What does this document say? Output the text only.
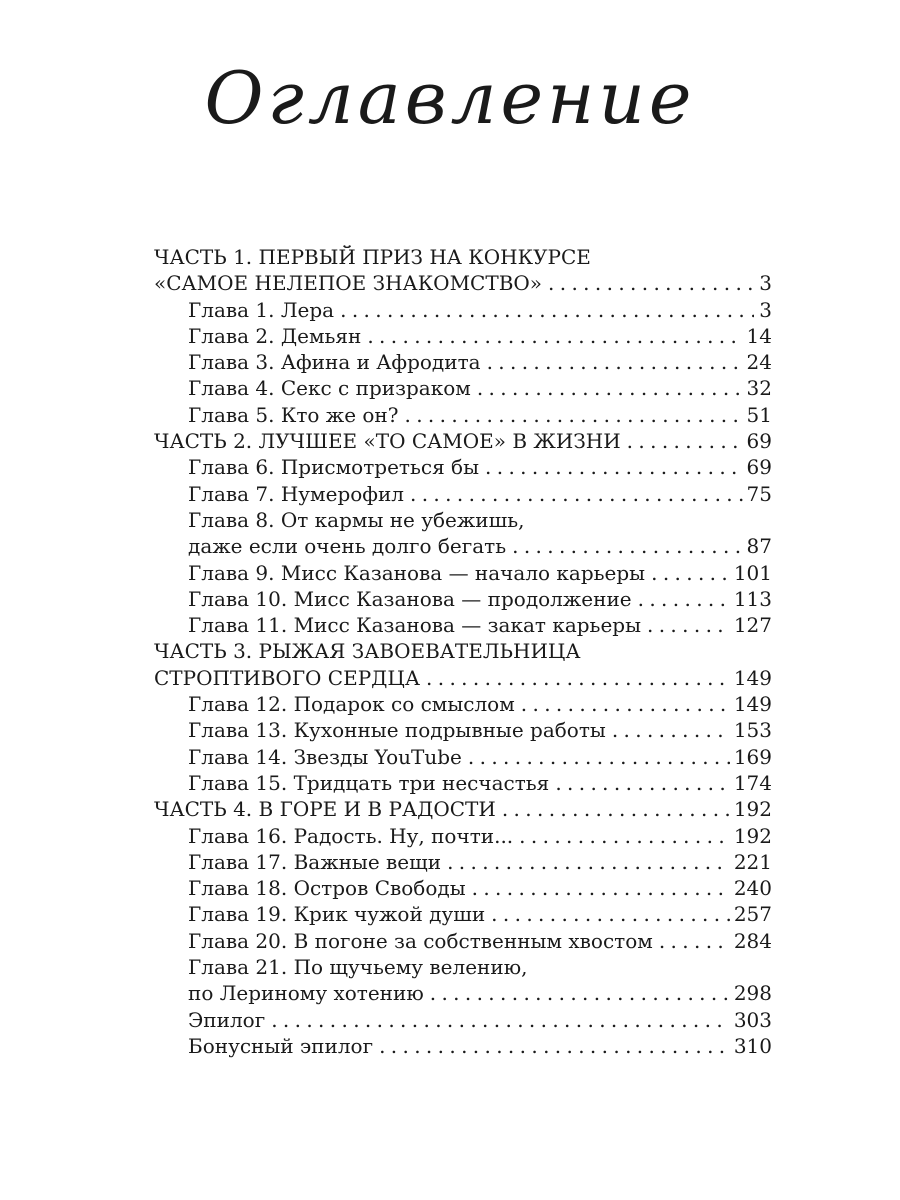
Оглавление
ЧАСТЬ 1. ПЕРВЫЙ ПРИЗ НА КОНКУРСЕ
«САМОЕ НЕЛЕПОЕ ЗНАКОМСТВО» . . .	3
Глава 1. Лера . . .	3
Глава 2. Демьян . . .	14
Глава 3. Афина и Афродита . . .	24
Глава 4. Секс с призраком . . .	32
Глава 5. Кто же он? . . .	51
ЧАСТЬ 2. ЛУЧШЕЕ «ТО САМОЕ» В ЖИЗНИ . . .	69
Глава 6. Присмотреться бы . . .	69
Глава 7. Нумерофил . . .	75
Глава 8. От кармы не убежишь,
даже если очень долго бегать . . .	87
Глава 9. Мисс Казанова — начало карьеры . . .	101
Глава 10. Мисс Казанова — продолжение . . .	113
Глава 11. Мисс Казанова — закат карьеры . . .	127
ЧАСТЬ 3. РЫЖАЯ ЗАВОЕВАТЕЛЬНИЦА
СТРОПТИВОГО СЕРДЦА . . .	149
Глава 12. Подарок со смыслом . . .	149
Глава 13. Кухонные подрывные работы . . .	153
Глава 14. Звезды YouTube . . .	169
Глава 15. Тридцать три несчастья . . .	174
ЧАСТЬ 4. В ГОРЕ И В РАДОСТИ . . .	192
Глава 16. Радость. Ну, почти... . . .	192
Глава 17. Важные вещи . . .	221
Глава 18. Остров Свободы . . .	240
Глава 19. Крик чужой души . . .	257
Глава 20. В погоне за собственным хвостом . . .	284
Глава 21. По щучьему велению,
по Лериному хотению . . .	298
Эпилог . . .	303
Бонусный эпилог . . .	310
